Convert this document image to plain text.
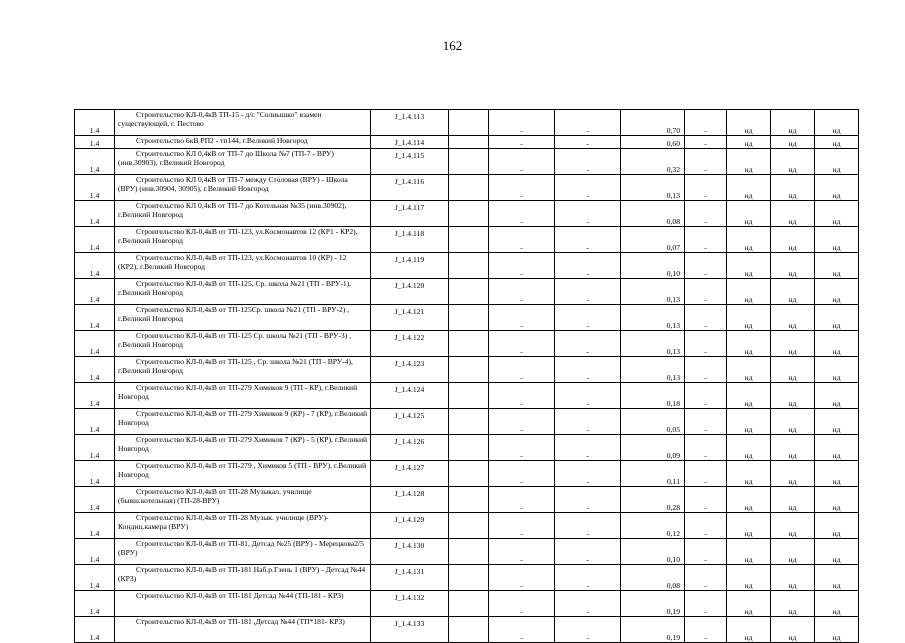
162
1.4	Строительство КЛ-0,4кВ ТП-15 - д/с "Солнышко" взамен существующей, г. Пестово	J_1.4.113		-	-	0,70	-	нд	нд	нд
1.4	Строительство 6кВ РП2 - тп144, г.Великий Новгород	J_1.4.114		-	-	0,60	-	нд	нд	нд
1.4	Строительство КЛ 0,4кВ от ТП-7 до Школа №7 (ТП-7 - ВРУ) (инв.30903), г.Великий Новгород	J_1.4.115		-	-	0,32	-	нд	нд	нд
1.4	Строительство КЛ 0,4кВ от ТП-7 между Столовая (ВРУ) - Школа (ВРУ) (инв.30904, 30905), г.Великий Новгород	J_1.4.116		-	-	0,13	-	нд	нд	нд
1.4	Строительство КЛ 0,4кВ от ТП-7 до Котельная №35 (инв.30902), г.Великий Новгород	J_1.4.117		-	-	0,08	-	нд	нд	нд
1.4	Строительство КЛ-0,4кВ от ТП-123, ул.Космонавтов 12 (КР1 - КР2), г.Великий Новгород	J_1.4.118		-	-	0,07	-	нд	нд	нд
1.4	Строительство КЛ-0,4кВ от ТП-123, ул.Космонавтов 10 (КР) - 12 (КР2), г.Великий Новгород	J_1.4.119		-	-	0,10	-	нд	нд	нд
1.4	Строительство КЛ-0,4кВ от ТП-125, Ср. школа №21 (ТП - ВРУ-1), г.Великий Новгород	J_1.4.120		-	-	0,13	-	нд	нд	нд
1.4	Строительство КЛ-0,4кВ от ТП-125Ср. школа №21 (ТП - ВРУ-2) , г.Великий Новгород	J_1.4.121		-	-	0,13	-	нд	нд	нд
1.4	Строительство КЛ-0,4кВ от ТП-125 Ср. школа №21 (ТП - ВРУ-3) , г.Великий Новгород	J_1.4.122		-	-	0,13	-	нд	нд	нд
1.4	Строительство КЛ-0,4кВ от ТП-125 , Ср. школа №21 (ТП - ВРУ-4), г.Великий Новгород	J_1.4.123		-	-	0,13	-	нд	нд	нд
1.4	Строительство КЛ-0,4кВ от ТП-279 Химиков 9 (ТП - КР), г.Великий Новгород	J_1.4.124		-	-	0,18	-	нд	нд	нд
1.4	Строительство КЛ-0,4кВ от ТП-279 Химиков 9 (КР) - 7 (КР), г.Великий Новгород	J_1.4.125		-	-	0,05	-	нд	нд	нд
1.4	Строительство КЛ-0,4кВ от ТП-279 Химиков 7 (КР) - 5 (КР), г.Великий Новгород	J_1.4.126		-	-	0,09	-	нд	нд	нд
1.4	Строительство КЛ-0,4кВ от ТП-279 , Химиков 5 (ТП - ВРУ), г.Великий Новгород	J_1.4.127		-	-	0,11	-	нд	нд	нд
1.4	Строительство КЛ-0,4кВ от ТП-28 Музыкал. училище (бывш.котельная) (ТП-28-ВРУ)	J_1.4.128		-	-	0,28	-	нд	нд	нд
1.4	Строительство КЛ-0,4кВ от ТП-28 Музык. училище (ВРУ)- Кондиц.камера (ВРУ)	J_1.4.129		-	-	0,12	-	нд	нд	нд
1.4	Строительство КЛ-0,4кВ от ТП-81, Детсад №25 (ВРУ) - Мерецкова2/5 (ВРУ)	J_1.4.130		-	-	0,10	-	нд	нд	нд
1.4	Строительство КЛ-0,4кВ от ТП-181 Наб.р.Гзень 1 (ВРУ) - Детсад №44 (КР3)	J_1.4.131		-	-	0,08	-	нд	нд	нд
1.4	Строительство КЛ-0,4кВ от ТП-181 Детсад №44 (ТП-181 - КР3)	J_1.4.132		-	-	0,19	-	нд	нд	нд
1.4	Строительство КЛ-0,4кВ от ТП-181 ,Детсад №44 (ТП*181- КР3)	J_1.4.133		-	-	0,19	-	нд	нд	нд
